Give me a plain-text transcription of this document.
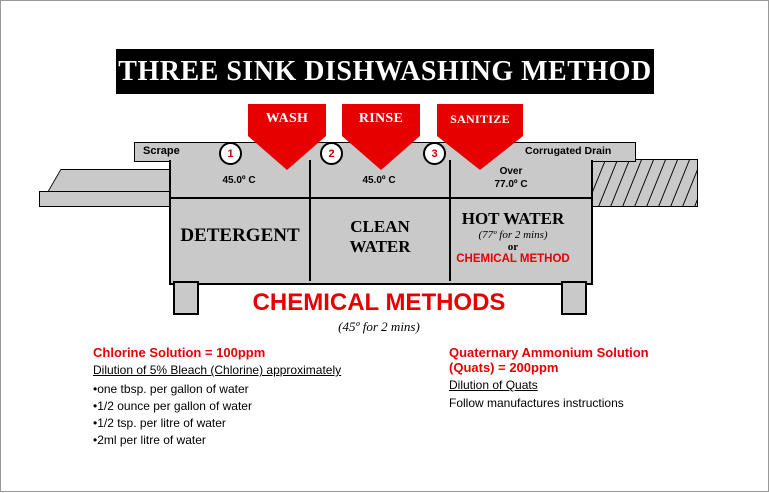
THREE SINK DISHWASHING METHOD
Scrape	Corrugated Drain
WASH	RINSE	SANITIZE
1	2	3
45.0º C	45.0º C
Over
77.0º C
DETERGENT	CLEAN
WATER
HOT WATER
(77º for 2 mins)
or
CHEMICAL METHOD
CHEMICAL METHODS
(45º for 2 mins)
Chlorine Solution = 100ppm
Dilution of 5% Bleach (Chlorine) approximately
•one tbsp. per gallon of water
•1/2 ounce per gallon of water
•1/2 tsp. per litre of water
•2ml per litre of water
Quaternary Ammonium Solution
(Quats) = 200ppm
Dilution of Quats
Follow manufactures instructions
